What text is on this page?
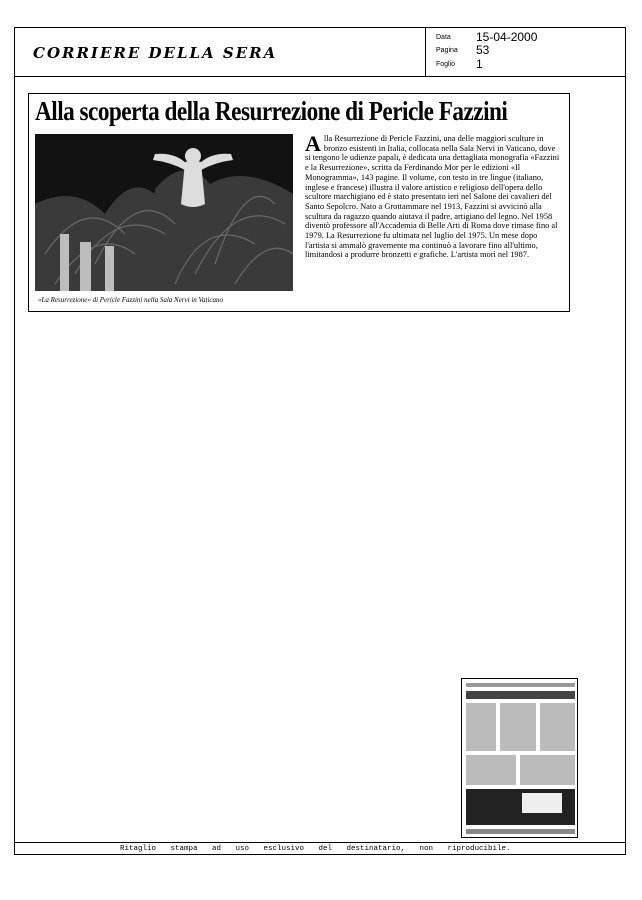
CORRIERE DELLA SERA
Data 15-04-2000
Pagina 53
Foglio 1
Alla scoperta della Resurrezione di Pericle Fazzini
«La Resurrezione» di Pericle Fazzini nella Sala Nervi in Vaticano
Alla Resurrezione di Pericle Fazzini, una delle maggiori sculture in bronzo esistenti in Italia, collocata nella Sala Nervi in Vaticano, dove si tengono le udienze papali, è dedicata una dettagliata monografia «Fazzini e la Resurrezione», scritta da Ferdinando Mor per le edizioni «Il Monogramma», 143 pagine. Il volume, con testo in tre lingue (italiano, inglese e francese) illustra il valore artistico e religioso dell'opera dello scultore marchigiano ed è stato presentato ieri nel Salone dei cavalieri del Santo Sepolcro. Nato a Grottammare nel 1913, Fazzini si avvicinò alla scultura da ragazzo quando aiutava il padre, artigiano del legno. Nel 1958 diventò professore all'Accademia di Belle Arti di Roma dove rimase fino al 1979. La Resurrezione fu ultimata nel luglio del 1975. Un mese dopo l'artista si ammalò gravemente ma continuò a lavorare fino all'ultimo, limitandosi a produrre bronzetti e grafiche. L'artista morì nel 1987.
Ritaglio stampa ad uso esclusivo del destinatario, non riproducibile.
